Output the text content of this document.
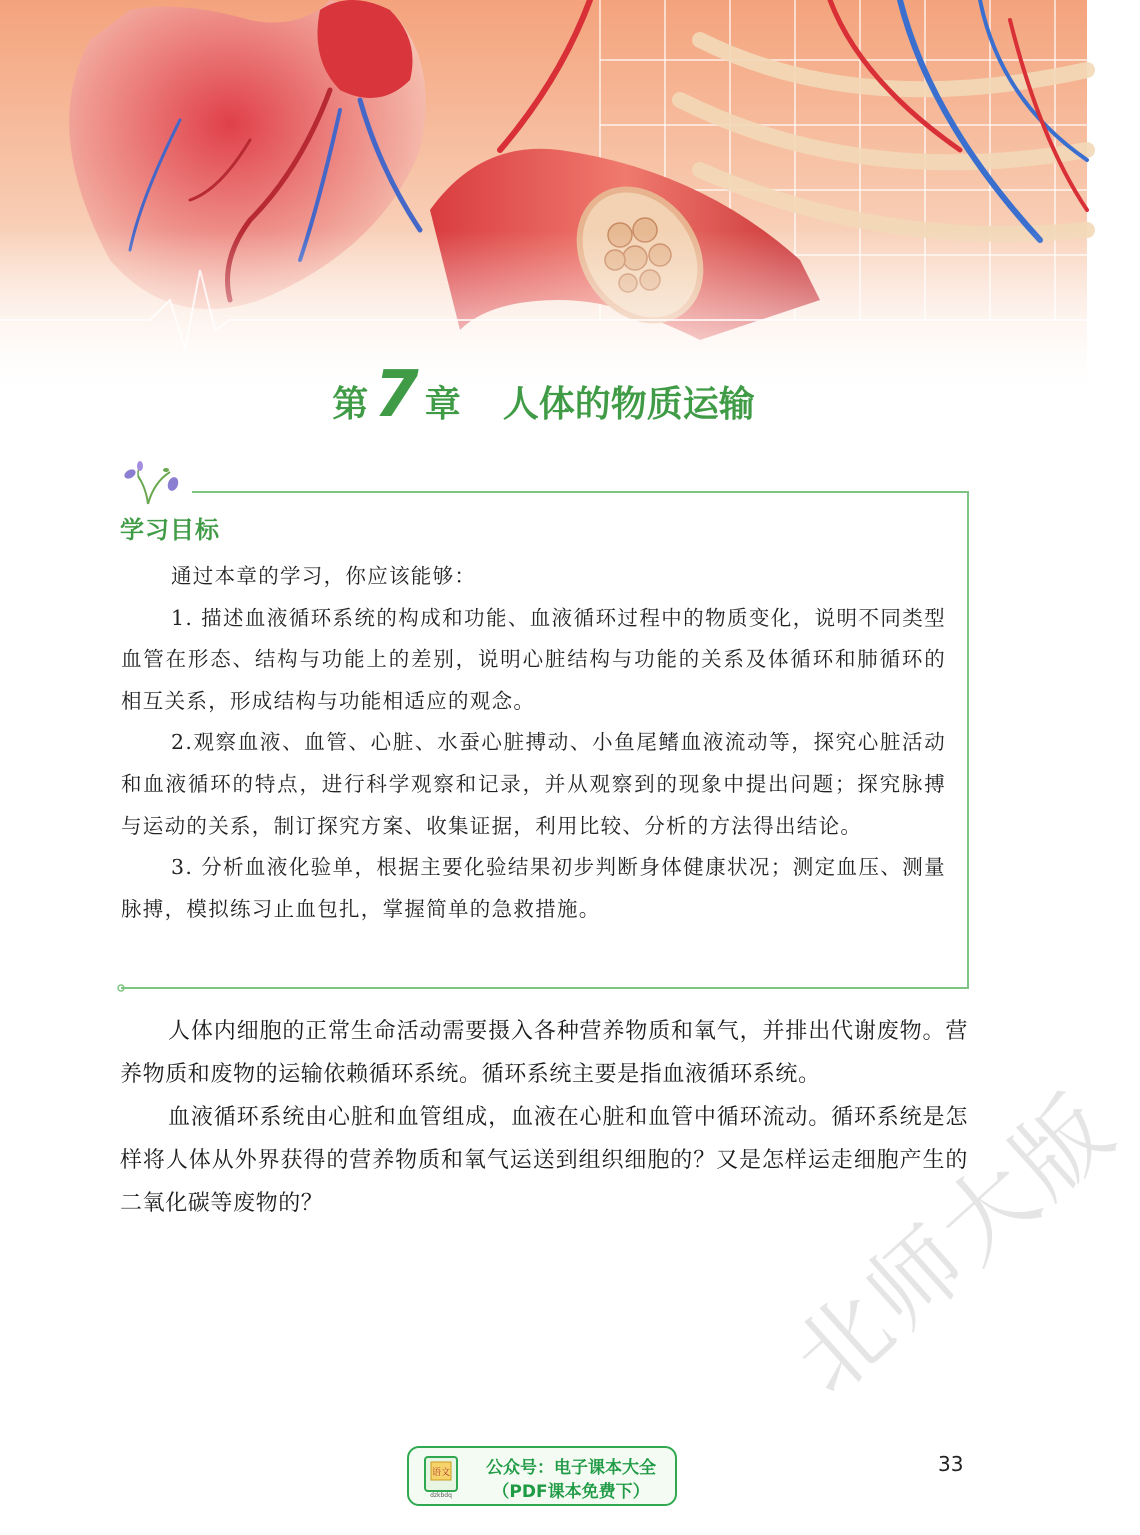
第7 章 人体的物质运输
学习目标

通过本章的学习，你应该能够：

1. 描述血液循环系统的构成和功能、血液循环过程中的物质变化，说明不同类型血管在形态、结构与功能上的差别，说明心脏结构与功能的关系及体循环和肺循环的相互关系，形成结构与功能相适应的观念。

2.观察血液、血管、心脏、水蚕心脏搏动、小鱼尾鳍血液流动等，探究心脏活动和血液循环的特点，进行科学观察和记录，并从观察到的现象中提出问题；探究脉搏与运动的关系，制订探究方案、收集证据，利用比较、分析的方法得出结论。

3. 分析血液化验单，根据主要化验结果初步判断身体健康状况；测定血压、测量脉搏，模拟练习止血包扎，掌握简单的急救措施。

人体内细胞的正常生命活动需要摄入各种营养物质和氧气，并排出代谢废物。营养物质和废物的运输依赖循环系统。循环系统主要是指血液循环系统。

血液循环系统由心脏和血管组成，血液在心脏和血管中循环流动。循环系统是怎样将人体从外界获得的营养物质和氧气运送到组织细胞的？又是怎样运走细胞产生的二氧化碳等废物的？	北师大版
语文
dzkbdq
公众号：电子课本大全
（PDF课本免费下）
33
